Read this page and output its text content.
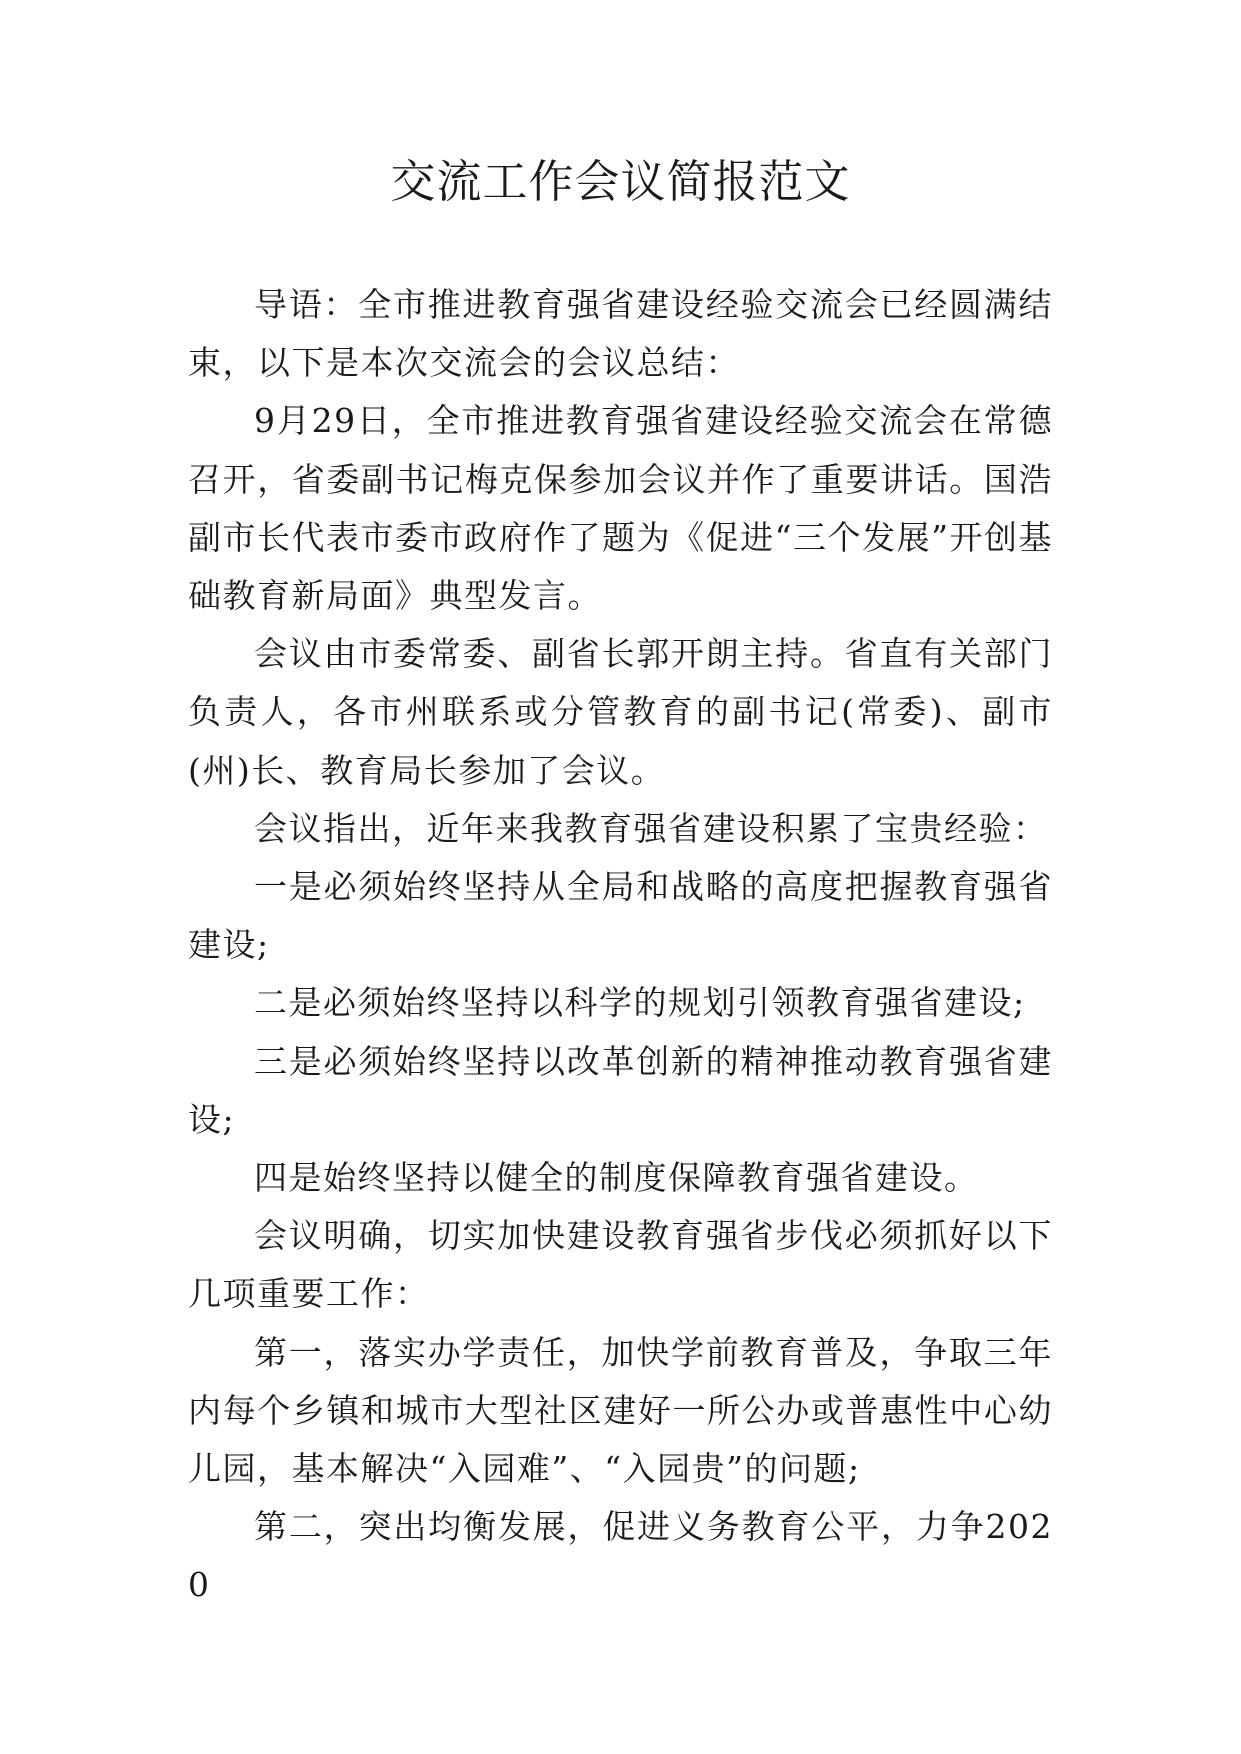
交流工作会议简报范文

导语：全市推进教育强省建设经验交流会已经圆满结束，以下是本次交流会的会议总结：

9月29日，全市推进教育强省建设经验交流会在常德召开，省委副书记梅克保参加会议并作了重要讲话。国浩副市长代表市委市政府作了题为《促进“三个发展”开创基础教育新局面》典型发言。

会议由市委常委、副省长郭开朗主持。省直有关部门负责人，各市州联系或分管教育的副书记(常委)、副市(州)长、教育局长参加了会议。

会议指出，近年来我教育强省建设积累了宝贵经验：

一是必须始终坚持从全局和战略的高度把握教育强省建设;

二是必须始终坚持以科学的规划引领教育强省建设;

三是必须始终坚持以改革创新的精神推动教育强省建设;

四是始终坚持以健全的制度保障教育强省建设。

会议明确，切实加快建设教育强省步伐必须抓好以下几项重要工作：

第一，落实办学责任，加快学前教育普及，争取三年内每个乡镇和城市大型社区建好一所公办或普惠性中心幼儿园，基本解决“入园难”、“入园贵”的问题;

第二，突出均衡发展，促进义务教育公平，力争2020
